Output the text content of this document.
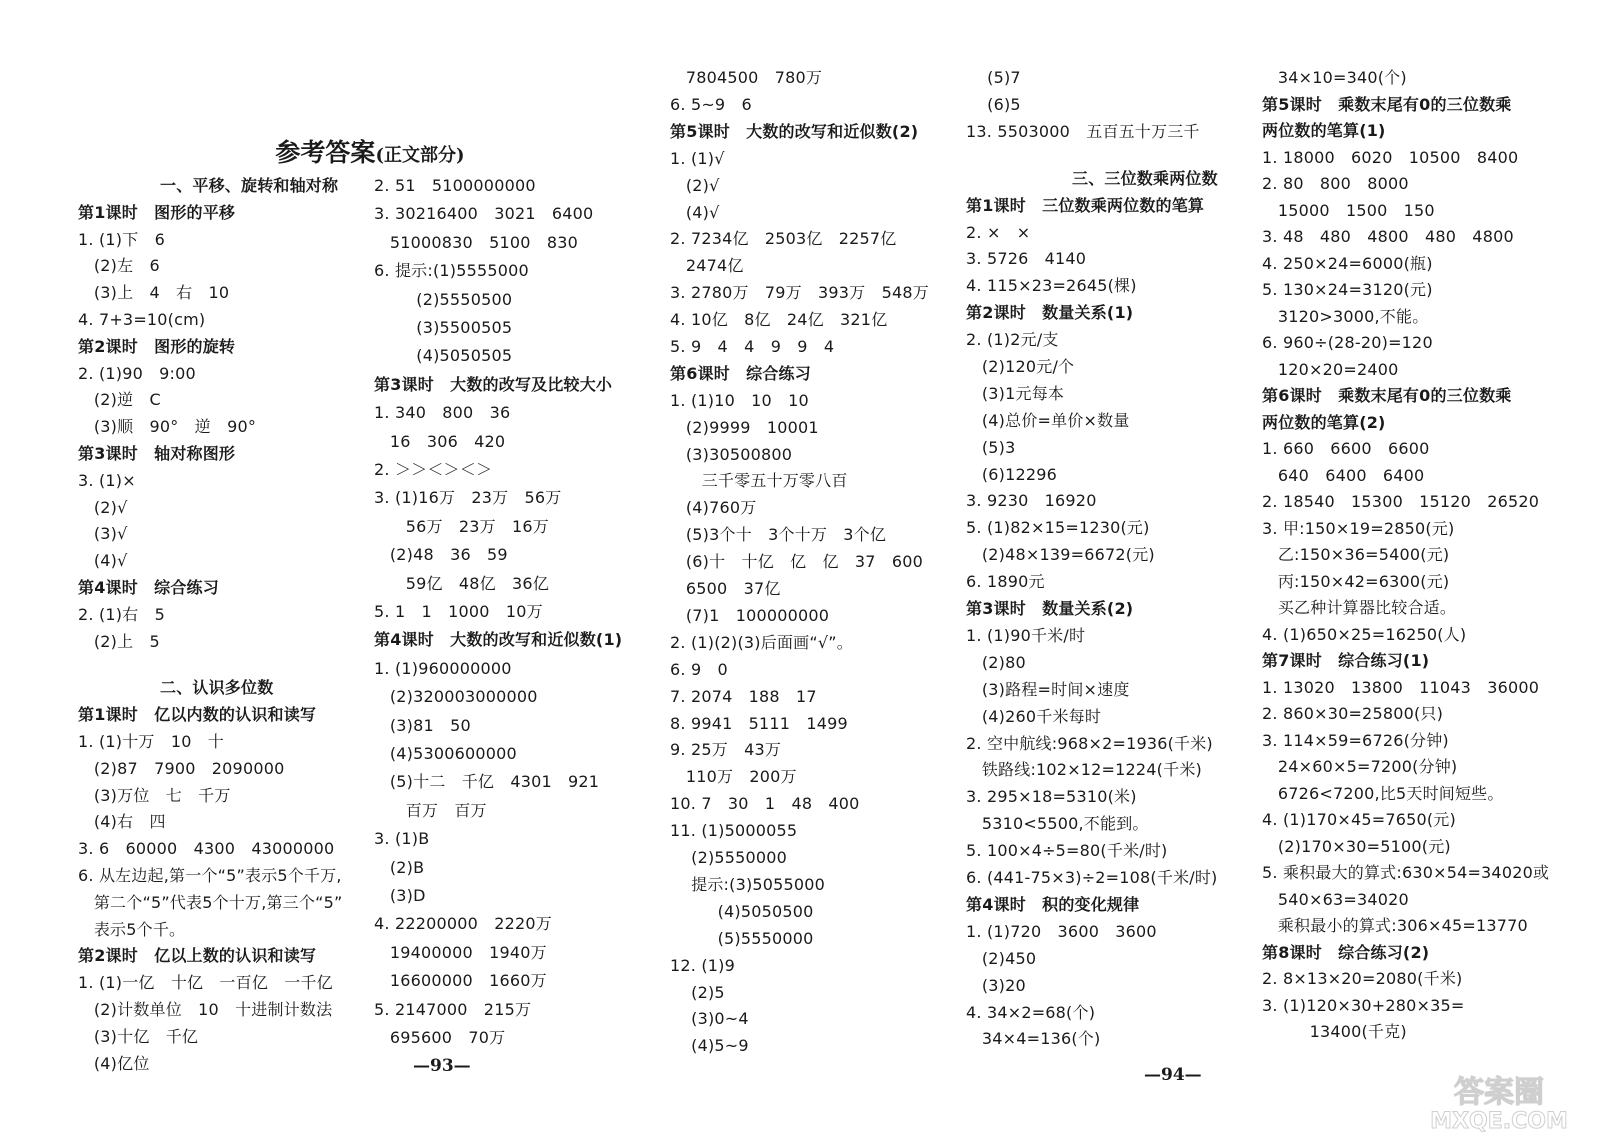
参考答案(正文部分)

一、平移、旋转和轴对称
第1课时　图形的平移
1. (1)下　6
(2)左　6
(3)上　4　右　10
4. 7+3=10(cm)
第2课时　图形的旋转
2. (1)90　9:00
(2)逆　C
(3)顺　90°　逆　90°
第3课时　轴对称图形
3. (1)×
(2)√
(3)√
(4)√
第4课时　综合练习
2. (1)右　5
(2)上　5
二、认识多位数
第1课时　亿以内数的认识和读写
1. (1)十万　10　十
(2)87　7900　2090000
(3)万位　七　千万
(4)右　四
3. 6　60000　4300　43000000
6. 从左边起,第一个“5”表示5个千万,
第二个“5”代表5个十万,第三个“5”
表示5个千。
第2课时　亿以上数的认识和读写
1. (1)一亿　十亿　一百亿　一千亿
(2)计数单位　10　十进制计数法
(3)十亿　千亿
(4)亿位
2. 51　5100000000
3. 30216400　3021　6400
51000830　5100　830
6. 提示:(1)5555000
(2)5550500
(3)5500505
(4)5050505
第3课时　大数的改写及比较大小
1. 340　800　36
16　306　420
2. ＞＞＜＞＜＞
3. (1)16万　23万　56万
56万　23万　16万
(2)48　36　59
59亿　48亿　36亿
5. 1　1　1000　10万
第4课时　大数的改写和近似数(1)
1. (1)960000000
(2)320003000000
(3)81　50
(4)5300600000
(5)十二　千亿　4301　921
百万　百万
3. (1)B
(2)B
(3)D
4. 22200000　2220万
19400000　1940万
16600000　1660万
5. 2147000　215万
695600　70万
7804500　780万
6. 5~9　6
第5课时　大数的改写和近似数(2)
1. (1)√
(2)√
(4)√
2. 7234亿　2503亿　2257亿
2474亿
3. 2780万　79万　393万　548万
4. 10亿　8亿　24亿　321亿
5. 9　4　4　9　9　4
第6课时　综合练习
1. (1)10　10　10
(2)9999　10001
(3)30500800
三千零五十万零八百
(4)760万
(5)3个十　3个十万　3个亿
(6)十　十亿　亿　亿　37　600
6500　37亿
(7)1　100000000
2. (1)(2)(3)后面画“√”。
6. 9　0
7. 2074　188　17
8. 9941　5111　1499
9. 25万　43万
110万　200万
10. 7　30　1　48　400
11. (1)5000055
(2)5550000
提示:(3)5055000
(4)5050500
(5)5550000
12. (1)9
(2)5
(3)0~4
(4)5~9
(5)7
(6)5
13. 5503000　五百五十万三千
三、三位数乘两位数
第1课时　三位数乘两位数的笔算
2. ×　×
3. 5726　4140
4. 115×23=2645(棵)
第2课时　数量关系(1)
2. (1)2元/支
(2)120元/个
(3)1元每本
(4)总价=单价×数量
(5)3
(6)12296
3. 9230　16920
5. (1)82×15=1230(元)
(2)48×139=6672(元)
6. 1890元
第3课时　数量关系(2)
1. (1)90千米/时
(2)80
(3)路程=时间×速度
(4)260千米每时
2. 空中航线:968×2=1936(千米)
铁路线:102×12=1224(千米)
3. 295×18=5310(米)
5310<5500,不能到。
5. 100×4÷5=80(千米/时)
6. (441-75×3)÷2=108(千米/时)
第4课时　积的变化规律
1. (1)720　3600　3600
(2)450
(3)20
4. 34×2=68(个)
34×4=136(个)
34×10=340(个)
第5课时　乘数末尾有0的三位数乘
两位数的笔算(1)
1. 18000　6020　10500　8400
2. 80　800　8000
15000　1500　150
3. 48　480　4800　480　4800
4. 250×24=6000(瓶)
5. 130×24=3120(元)
3120>3000,不能。
6. 960÷(28-20)=120
120×20=2400
第6课时　乘数末尾有0的三位数乘
两位数的笔算(2)
1. 660　6600　6600
640　6400　6400
2. 18540　15300　15120　26520
3. 甲:150×19=2850(元)
乙:150×36=5400(元)
丙:150×42=6300(元)
买乙种计算器比较合适。
4. (1)650×25=16250(人)
第7课时　综合练习(1)
1. 13020　13800　11043　36000
2. 860×30=25800(只)
3. 114×59=6726(分钟)
24×60×5=7200(分钟)
6726<7200,比5天时间短些。
4. (1)170×45=7650(元)
(2)170×30=5100(元)
5. 乘积最大的算式:630×54=34020或
540×63=34020
乘积最小的算式:306×45=13770
第8课时　综合练习(2)
2. 8×13×20=2080(千米)
3. (1)120×30+280×35=
13400(千克)
—93—	—94—	答案圈
MXQE.COM
